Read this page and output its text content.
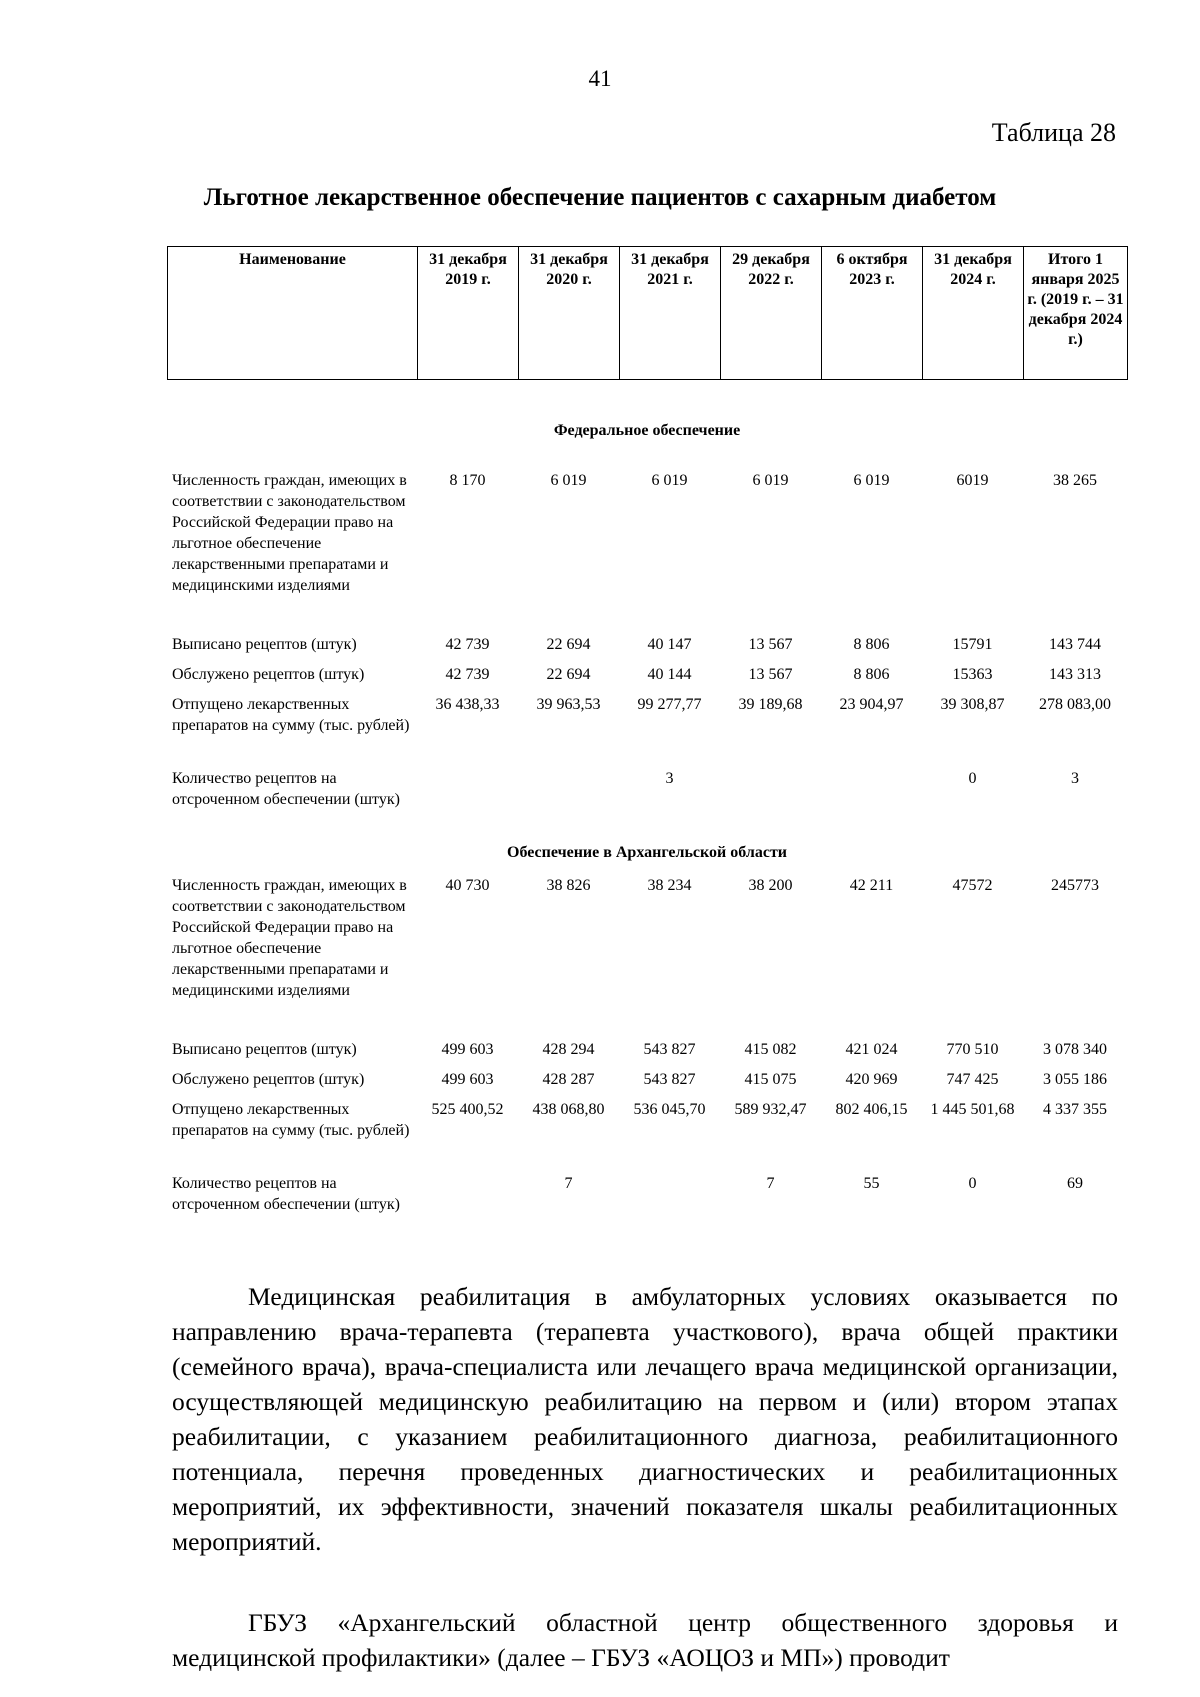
41
Таблица 28
Льготное лекарственное обеспечение пациентов с сахарным диабетом
Наименование	31 декабря 2019 г.	31 декабря 2020 г.	31 декабря 2021 г.	29 декабря 2022 г.	6 октября 2023 г.	31 декабря 2024 г.	Итого 1 января 2025 г. (2019 г. – 31 декабря 2024 г.)
Федеральное обеспечение							
Численность граждан, имеющих в соответствии с законодательством Российской Федерации право на льготное обеспечение лекарственными препаратами и медицинскими изделиями	8 170	6 019	6 019	6 019	6 019	6019	38 265
Выписано рецептов (штук)	42 739	22 694	40 147	13 567	8 806	15791	143 744
Обслужено рецептов (штук)	42 739	22 694	40 144	13 567	8 806	15363	143 313
Отпущено лекарственных препаратов на сумму (тыс. рублей)	36 438,33	39 963,53	99 277,77	39 189,68	23 904,97	39 308,87	278 083,00
Количество рецептов на отсроченном обеспечении (штук)			3			0	3
Обеспечение в Архангельской области							
Численность граждан, имеющих в соответствии с законодательством Российской Федерации право на льготное обеспечение лекарственными препаратами и медицинскими изделиями	40 730	38 826	38 234	38 200	42 211	47572	245773
Выписано рецептов (штук)	499 603	428 294	543 827	415 082	421 024	770 510	3 078 340
Обслужено рецептов (штук)	499 603	428 287	543 827	415 075	420 969	747 425	3 055 186
Отпущено лекарственных препаратов на сумму (тыс. рублей)	525 400,52	438 068,80	536 045,70	589 932,47	802 406,15	1 445 501,68	4 337 355
Количество рецептов на отсроченном обеспечении (штук)		7		7	55	0	69

Медицинская реабилитация в амбулаторных условиях оказывается по направлению врача-терапевта (терапевта участкового), врача общей практики (семейного врача), врача-специалиста или лечащего врача медицинской организации, осуществляющей медицинскую реабилитацию на первом и (или) втором этапах реабилитации, с указанием реабилитационного диагноза, реабилитационного потенциала, перечня проведенных диагностических и реабилитационных мероприятий, их эффективности, значений показателя шкалы реабилитационных мероприятий.

ГБУЗ «Архангельский областной центр общественного здоровья и медицинской профилактики» (далее – ГБУЗ «АОЦОЗ и МП») проводит
